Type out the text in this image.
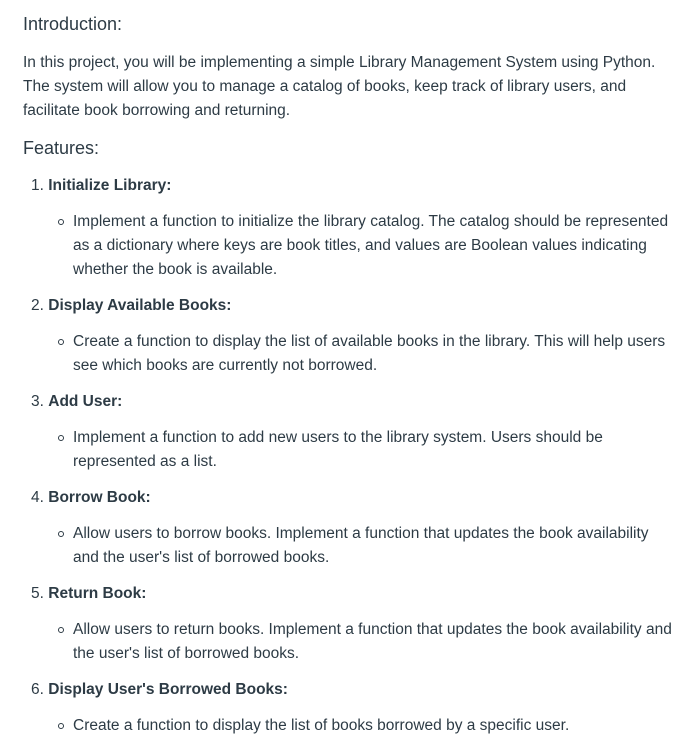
Introduction:

In this project, you will be implementing a simple Library Management System using Python. The system will allow you to manage a catalog of books, keep track of library users, and facilitate book borrowing and returning.

Features:
1. Initialize Library:

Implement a function to initialize the library catalog. The catalog should be represented as a dictionary where keys are book titles, and values are Boolean values indicating whether the book is available.

2. Display Available Books:

Create a function to display the list of available books in the library. This will help users see which books are currently not borrowed.

3. Add User:

Implement a function to add new users to the library system. Users should be represented as a list.

4. Borrow Book:

Allow users to borrow books. Implement a function that updates the book availability and the user's list of borrowed books.

5. Return Book:

Allow users to return books. Implement a function that updates the book availability and the user's list of borrowed books.

6. Display User's Borrowed Books:

Create a function to display the list of books borrowed by a specific user.
